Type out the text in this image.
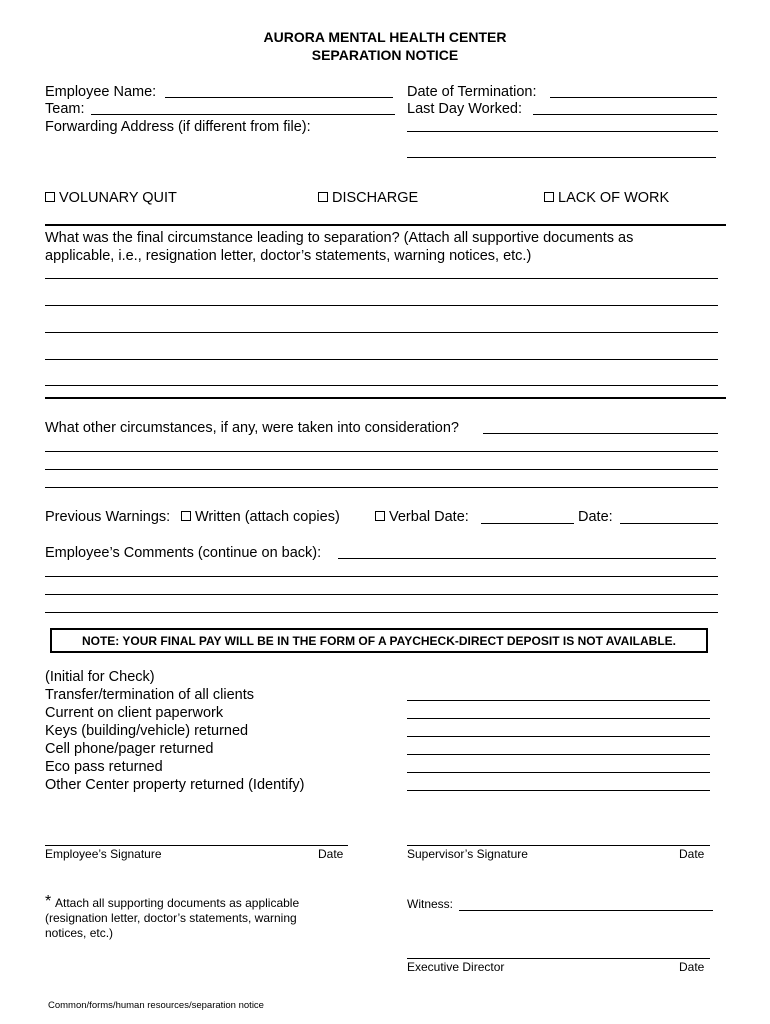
AURORA MENTAL HEALTH CENTER
SEPARATION NOTICE
Employee Name:
Team:
Forwarding Address (if different from file):
Date of Termination:
Last Day Worked:
VOLUNARY QUIT	DISCHARGE	LACK OF WORK
What was the final circumstance leading to separation? (Attach all supportive documents as applicable, i.e., resignation letter, doctor’s statements, warning notices, etc.)
What other circumstances, if any, were taken into consideration?
Previous Warnings:	Written (attach copies)	Verbal Date:	Date:
Employee’s Comments (continue on back):
NOTE: YOUR FINAL PAY WILL BE IN THE FORM OF A PAYCHECK-DIRECT DEPOSIT IS NOT AVAILABLE.
(Initial for Check)
Transfer/termination of all clients
Current on client paperwork
Keys (building/vehicle) returned
Cell phone/pager returned
Eco pass returned
Other Center property returned (Identify)
Employee’s Signature	Date	Supervisor’s Signature	Date
* Attach all supporting documents as applicable (resignation letter, doctor’s statements, warning notices, etc.)
Witness:
Executive Director	Date
Common/forms/human resources/separation notice
